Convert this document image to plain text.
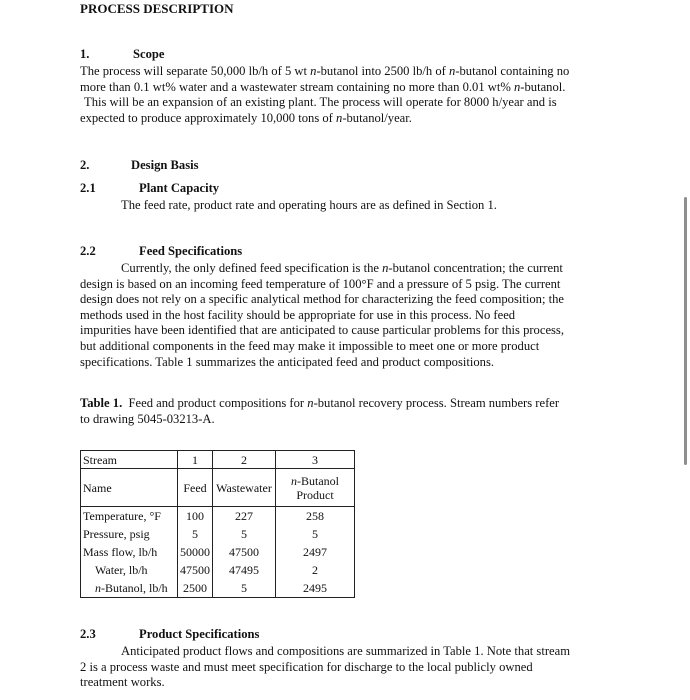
PROCESS DESCRIPTION
1.	Scope
The process will separate 50,000 lb/h of 5 wt n-butanol into 2500 lb/h of n-butanol containing no
more than 0.1 wt% water and a wastewater stream containing no more than 0.01 wt% n-butanol.
This will be an expansion of an existing plant. The process will operate for 8000 h/year and is
expected to produce approximately 10,000 tons of n-butanol/year.
2.	Design Basis
2.1	Plant Capacity
The feed rate, product rate and operating hours are as defined in Section 1.
2.2	Feed Specifications
Currently, the only defined feed specification is the n-butanol concentration; the current
design is based on an incoming feed temperature of 100°F and a pressure of 5 psig. The current
design does not rely on a specific analytical method for characterizing the feed composition; the
methods used in the host facility should be appropriate for use in this process. No feed
impurities have been identified that are anticipated to cause particular problems for this process,
but additional components in the feed may make it impossible to meet one or more product
specifications. Table 1 summarizes the anticipated feed and product compositions.
Table 1. Feed and product compositions for n-butanol recovery process. Stream numbers refer
to drawing 5045-03213-A.
Stream	1	2	3
Name	Feed	Wastewater	n-Butanol Product
Temperature, °F	100	227	258
Pressure, psig	5	5	5
Mass flow, lb/h	50000	47500	2497
Water, lb/h	47500	47495	2
n-Butanol, lb/h	2500	5	2495
2.3	Product Specifications
Anticipated product flows and compositions are summarized in Table 1. Note that stream
2 is a process waste and must meet specification for discharge to the local publicly owned
treatment works.
